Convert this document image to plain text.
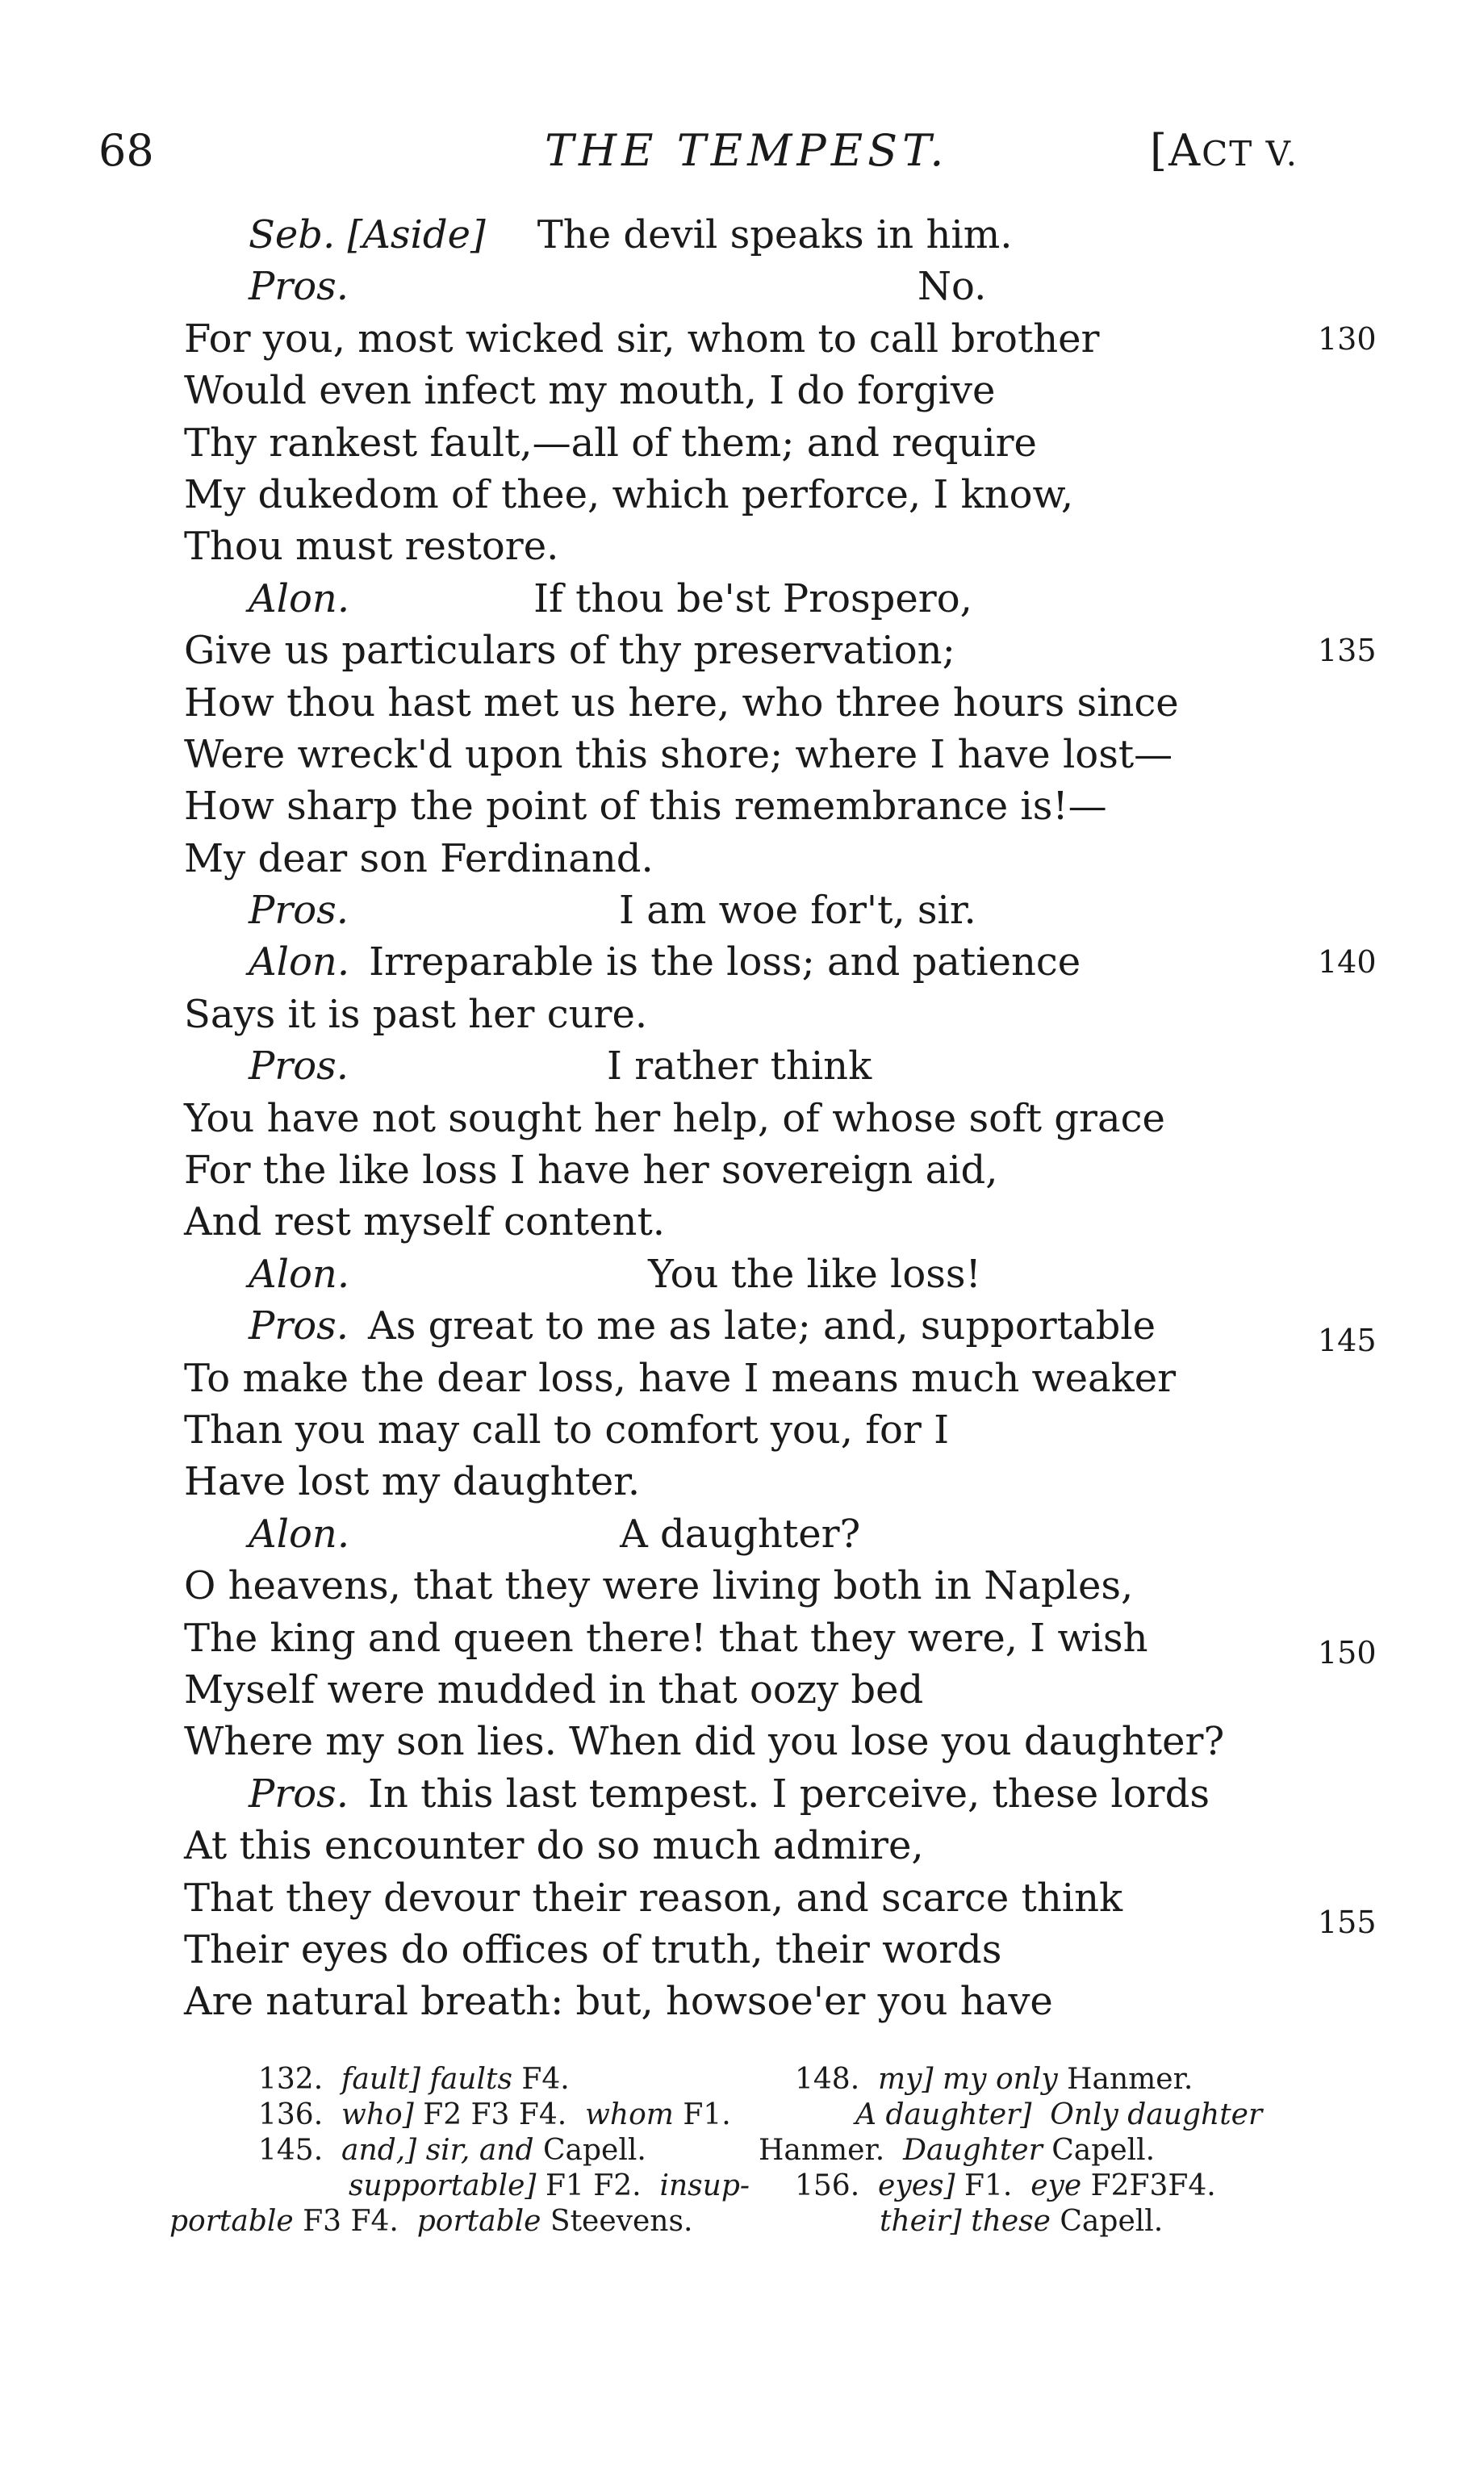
68	THE TEMPEST.	[ACT V.
Seb. [Aside] The devil speaks in him.
Pros.	No.
For you, most wicked sir, whom to call brother	130
Would even infect my mouth, I do forgive
Thy rankest fault,—all of them; and require
My dukedom of thee, which perforce, I know,
Thou must restore.
Alon.	If thou be'st Prospero,
Give us particulars of thy preservation;	135
How thou hast met us here, who three hours since
Were wreck'd upon this shore; where I have lost—
How sharp the point of this remembrance is!—
My dear son Ferdinand.
Pros.	I am woe for't, sir.
Alon. Irreparable is the loss; and patience	140
Says it is past her cure.
Pros.	I rather think
You have not sought her help, of whose soft grace
For the like loss I have her sovereign aid,
And rest myself content.
Alon.	You the like loss!
Pros. As great to me as late; and, supportable	145
To make the dear loss, have I means much weaker
Than you may call to comfort you, for I
Have lost my daughter.
Alon.	A daughter?
O heavens, that they were living both in Naples,
The king and queen there! that they were, I wish	150
Myself were mudded in that oozy bed
Where my son lies. When did you lose you daughter?
Pros. In this last tempest. I perceive, these lords
At this encounter do so much admire,
That they devour their reason, and scarce think
155
Their eyes do offices of truth, their words
Are natural breath: but, howsoe'er you have
132. fault] faults F4.
136. who] F2 F3 F4. whom F1.
145. and,] sir, and Capell.
supportable] F1 F2. insup-
portable F3 F4. portable Steevens.
148. my] my only Hanmer.
A daughter] Only daughter
Hanmer. Daughter Capell.
156. eyes] F1. eye F2F3F4.
their] these Capell.
